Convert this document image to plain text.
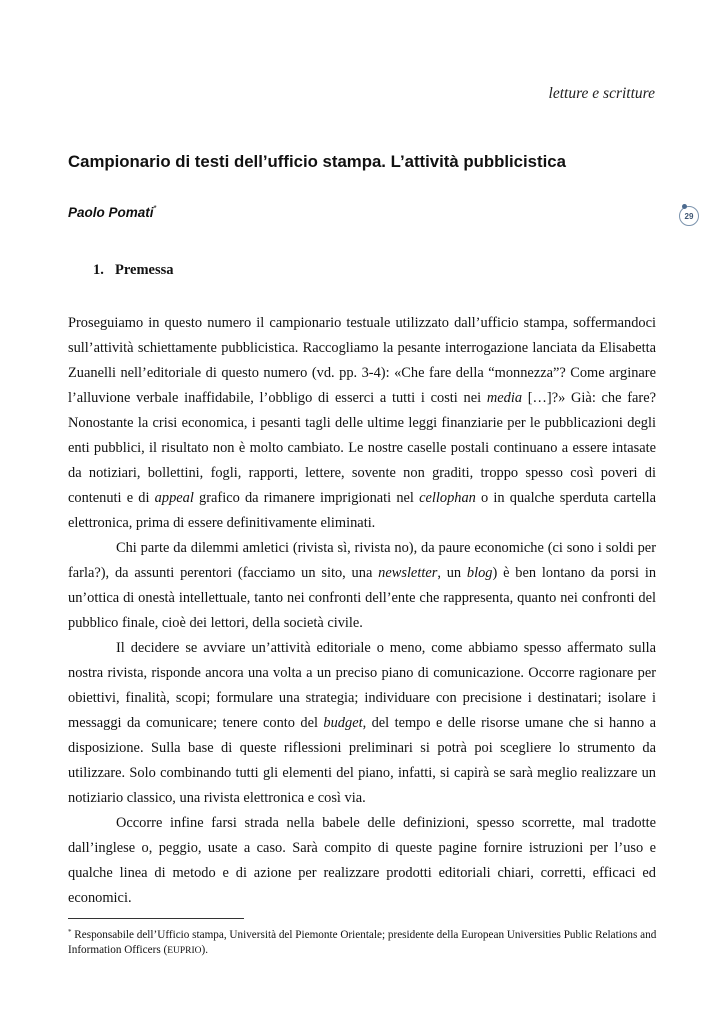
letture e scritture
Campionario di testi dell’ufficio stampa. L’attività pubblicistica
Paolo Pomati*
29
1. Premessa

Proseguiamo in questo numero il campionario testuale utilizzato dall’ufficio stampa, soffermandoci sull’attività schiettamente pubblicistica. Raccogliamo la pesante interrogazione lanciata da Elisabetta Zuanelli nell’editoriale di questo numero (vd. pp. 3-4): «Che fare della “monnezza”? Come arginare l’alluvione verbale inaffidabile, l’obbligo di esserci a tutti i costi nei media […]?» Già: che fare? Nonostante la crisi economica, i pesanti tagli delle ultime leggi finanziarie per le pubblicazioni degli enti pubblici, il risultato non è molto cambiato. Le nostre caselle postali continuano a essere intasate da notiziari, bollettini, fogli, rapporti, lettere, sovente non graditi, troppo spesso così poveri di contenuti e di appeal grafico da rimanere imprigionati nel cellophan o in qualche sperduta cartella elettronica, prima di essere definitivamente eliminati.

Chi parte da dilemmi amletici (rivista sì, rivista no), da paure economiche (ci sono i soldi per farla?), da assunti perentori (facciamo un sito, una newsletter, un blog) è ben lontano da porsi in un’ottica di onestà intellettuale, tanto nei confronti dell’ente che rappresenta, quanto nei confronti del pubblico finale, cioè dei lettori, della società civile.

Il decidere se avviare un’attività editoriale o meno, come abbiamo spesso affermato sulla nostra rivista, risponde ancora una volta a un preciso piano di comunicazione. Occorre ragionare per obiettivi, finalità, scopi; formulare una strategia; individuare con precisione i destinatari; isolare i messaggi da comunicare; tenere conto del budget, del tempo e delle risorse umane che si hanno a disposizione. Sulla base di queste riflessioni preliminari si potrà poi scegliere lo strumento da utilizzare. Solo combinando tutti gli elementi del piano, infatti, si capirà se sarà meglio realizzare un notiziario classico, una rivista elettronica e così via.

Occorre infine farsi strada nella babele delle definizioni, spesso scorrette, mal tradotte dall’inglese o, peggio, usate a caso. Sarà compito di queste pagine fornire istruzioni per l’uso e qualche linea di metodo e di azione per realizzare prodotti editoriali chiari, corretti, efficaci ed economici.

* Responsabile dell’Ufficio stampa, Università del Piemonte Orientale; presidente della European Universities Public Relations and Information Officers (EUPRIO).
